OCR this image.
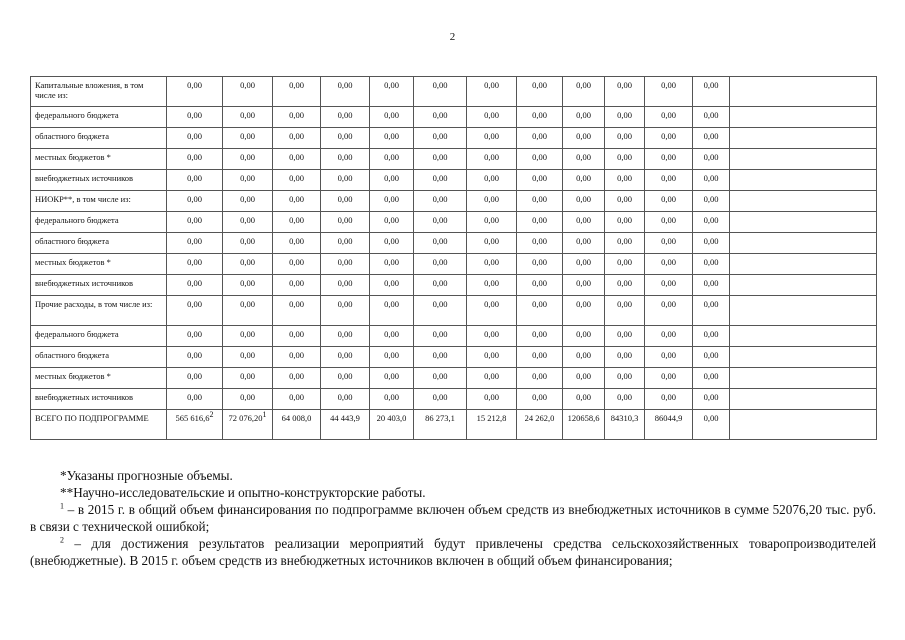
2
Капитальные вложения, в том числе из:	0,00	0,00	0,00	0,00	0,00	0,00	0,00	0,00	0,00	0,00	0,00	0,00	
федерального бюджета	0,00	0,00	0,00	0,00	0,00	0,00	0,00	0,00	0,00	0,00	0,00	0,00	
областного бюджета	0,00	0,00	0,00	0,00	0,00	0,00	0,00	0,00	0,00	0,00	0,00	0,00	
местных бюджетов *	0,00	0,00	0,00	0,00	0,00	0,00	0,00	0,00	0,00	0,00	0,00	0,00	
внебюджетных источников	0,00	0,00	0,00	0,00	0,00	0,00	0,00	0,00	0,00	0,00	0,00	0,00	
НИОКР**, в том числе из:	0,00	0,00	0,00	0,00	0,00	0,00	0,00	0,00	0,00	0,00	0,00	0,00	
федерального бюджета	0,00	0,00	0,00	0,00	0,00	0,00	0,00	0,00	0,00	0,00	0,00	0,00	
областного бюджета	0,00	0,00	0,00	0,00	0,00	0,00	0,00	0,00	0,00	0,00	0,00	0,00	
местных бюджетов *	0,00	0,00	0,00	0,00	0,00	0,00	0,00	0,00	0,00	0,00	0,00	0,00	
внебюджетных источников	0,00	0,00	0,00	0,00	0,00	0,00	0,00	0,00	0,00	0,00	0,00	0,00	
Прочие расходы, в том числе из:	0,00	0,00	0,00	0,00	0,00	0,00	0,00	0,00	0,00	0,00	0,00	0,00	
федерального бюджета	0,00	0,00	0,00	0,00	0,00	0,00	0,00	0,00	0,00	0,00	0,00	0,00	
областного бюджета	0,00	0,00	0,00	0,00	0,00	0,00	0,00	0,00	0,00	0,00	0,00	0,00	
местных бюджетов *	0,00	0,00	0,00	0,00	0,00	0,00	0,00	0,00	0,00	0,00	0,00	0,00	
внебюджетных источников	0,00	0,00	0,00	0,00	0,00	0,00	0,00	0,00	0,00	0,00	0,00	0,00	
ВСЕГО ПО ПОДПРОГРАММЕ	565 616,6$^2$	72 076,20$^1$	64 008,0	44 443,9	20 403,0	86 273,1	15 212,8	24 262,0	120658,6	84310,3	86044,9	0,00	

*Указаны прогнозные объемы.

**Научно-исследовательские и опытно-конструкторские работы.

$^1$ – в 2015 г. в общий объем финансирования по подпрограмме включен объем средств из внебюджетных источников в сумме 52076,20 тыс. руб. в связи с технической ошибкой;

$^2$ – для достижения результатов реализации мероприятий будут привлечены средства сельскохозяйственных товаропроизводителей (внебюджетные). В 2015 г. объем средств из внебюджетных источников включен в общий объем финансирования;
